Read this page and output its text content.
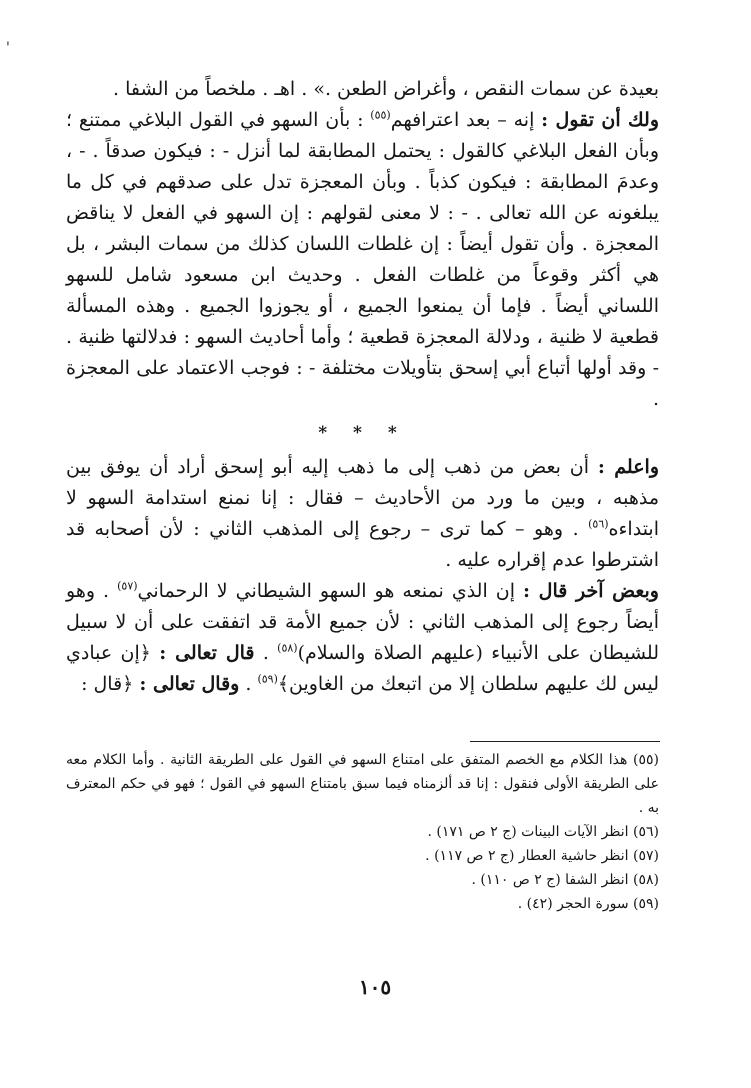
'

بعيدة عن سمات النقص ، وأغراض الطعن .» . اهـ . ملخصاً من الشفا .

ولك أن تقول : إنه – بعد اعترافهم$^{(٥٥)}$ : بأن السهو في القول البلاغي ممتنع ؛ وبأن الفعل البلاغي كالقول : يحتمل المطابقة لما أنزل - : فيكون صدقاً . - ، وعدمَ المطابقة : فيكون كذباً . وبأن المعجزة تدل على صدقهم في كل ما يبلغونه عن الله تعالى . - : لا معنى لقولهم : إن السهو في الفعل لا يناقض المعجزة . وأن تقول أيضاً : إن غلطات اللسان كذلك من سمات البشر ، بل هي أكثر وقوعاً من غلطات الفعل . وحديث ابن مسعود شامل للسهو اللساني أيضاً . فإما أن يمنعوا الجميع ، أو يجوزوا الجميع . وهذه المسألة قطعية لا ظنية ، ودلالة المعجزة قطعية ؛ وأما أحاديث السهو : فدلالتها ظنية . - وقد أولها أتباع أبي إسحق بتأويلات مختلفة - : فوجب الاعتماد على المعجزة .

* * *

واعلم : أن بعض من ذهب إلى ما ذهب إليه أبو إسحق أراد أن يوفق بين مذهبه ، وبين ما ورد من الأحاديث – فقال : إنا نمنع استدامة السهو لا ابتداءه$^{(٥٦)}$ . وهو – كما ترى – رجوع إلى المذهب الثاني : لأن أصحابه قد اشترطوا عدم إقراره عليه .

وبعض آخر قال : إن الذي نمنعه هو السهو الشيطاني لا الرحماني$^{(٥٧)}$ . وهو أيضاً رجوع إلى المذهب الثاني : لأن جميع الأمة قد اتفقت على أن لا سبيل للشيطان على الأنبياء (عليهم الصلاة والسلام)$^{(٥٨)}$ . قال تعالى : ﴿إن عبادي ليس لك عليهم سلطان إلا من اتبعك من الغاوين﴾$^{(٥٩)}$ . وقال تعالى : ﴿قال :

(٥٥) هذا الكلام مع الخصم المتفق على امتناع السهو في القول على الطريقة الثانية . وأما الكلام معه على الطريقة الأولى فنقول : إنا قد ألزمناه فيما سبق بامتناع السهو في القول ؛ فهو في حكم المعترف به .

(٥٦) انظر الآيات البينات (ج ٢ ص ١٧١) .

(٥٧) انظر حاشية العطار (ج ٢ ص ١١٧) .

(٥٨) انظر الشفا (ج ٢ ص ١١٠) .

(٥٩) سورة الحجر (٤٢) .

١٠٥
